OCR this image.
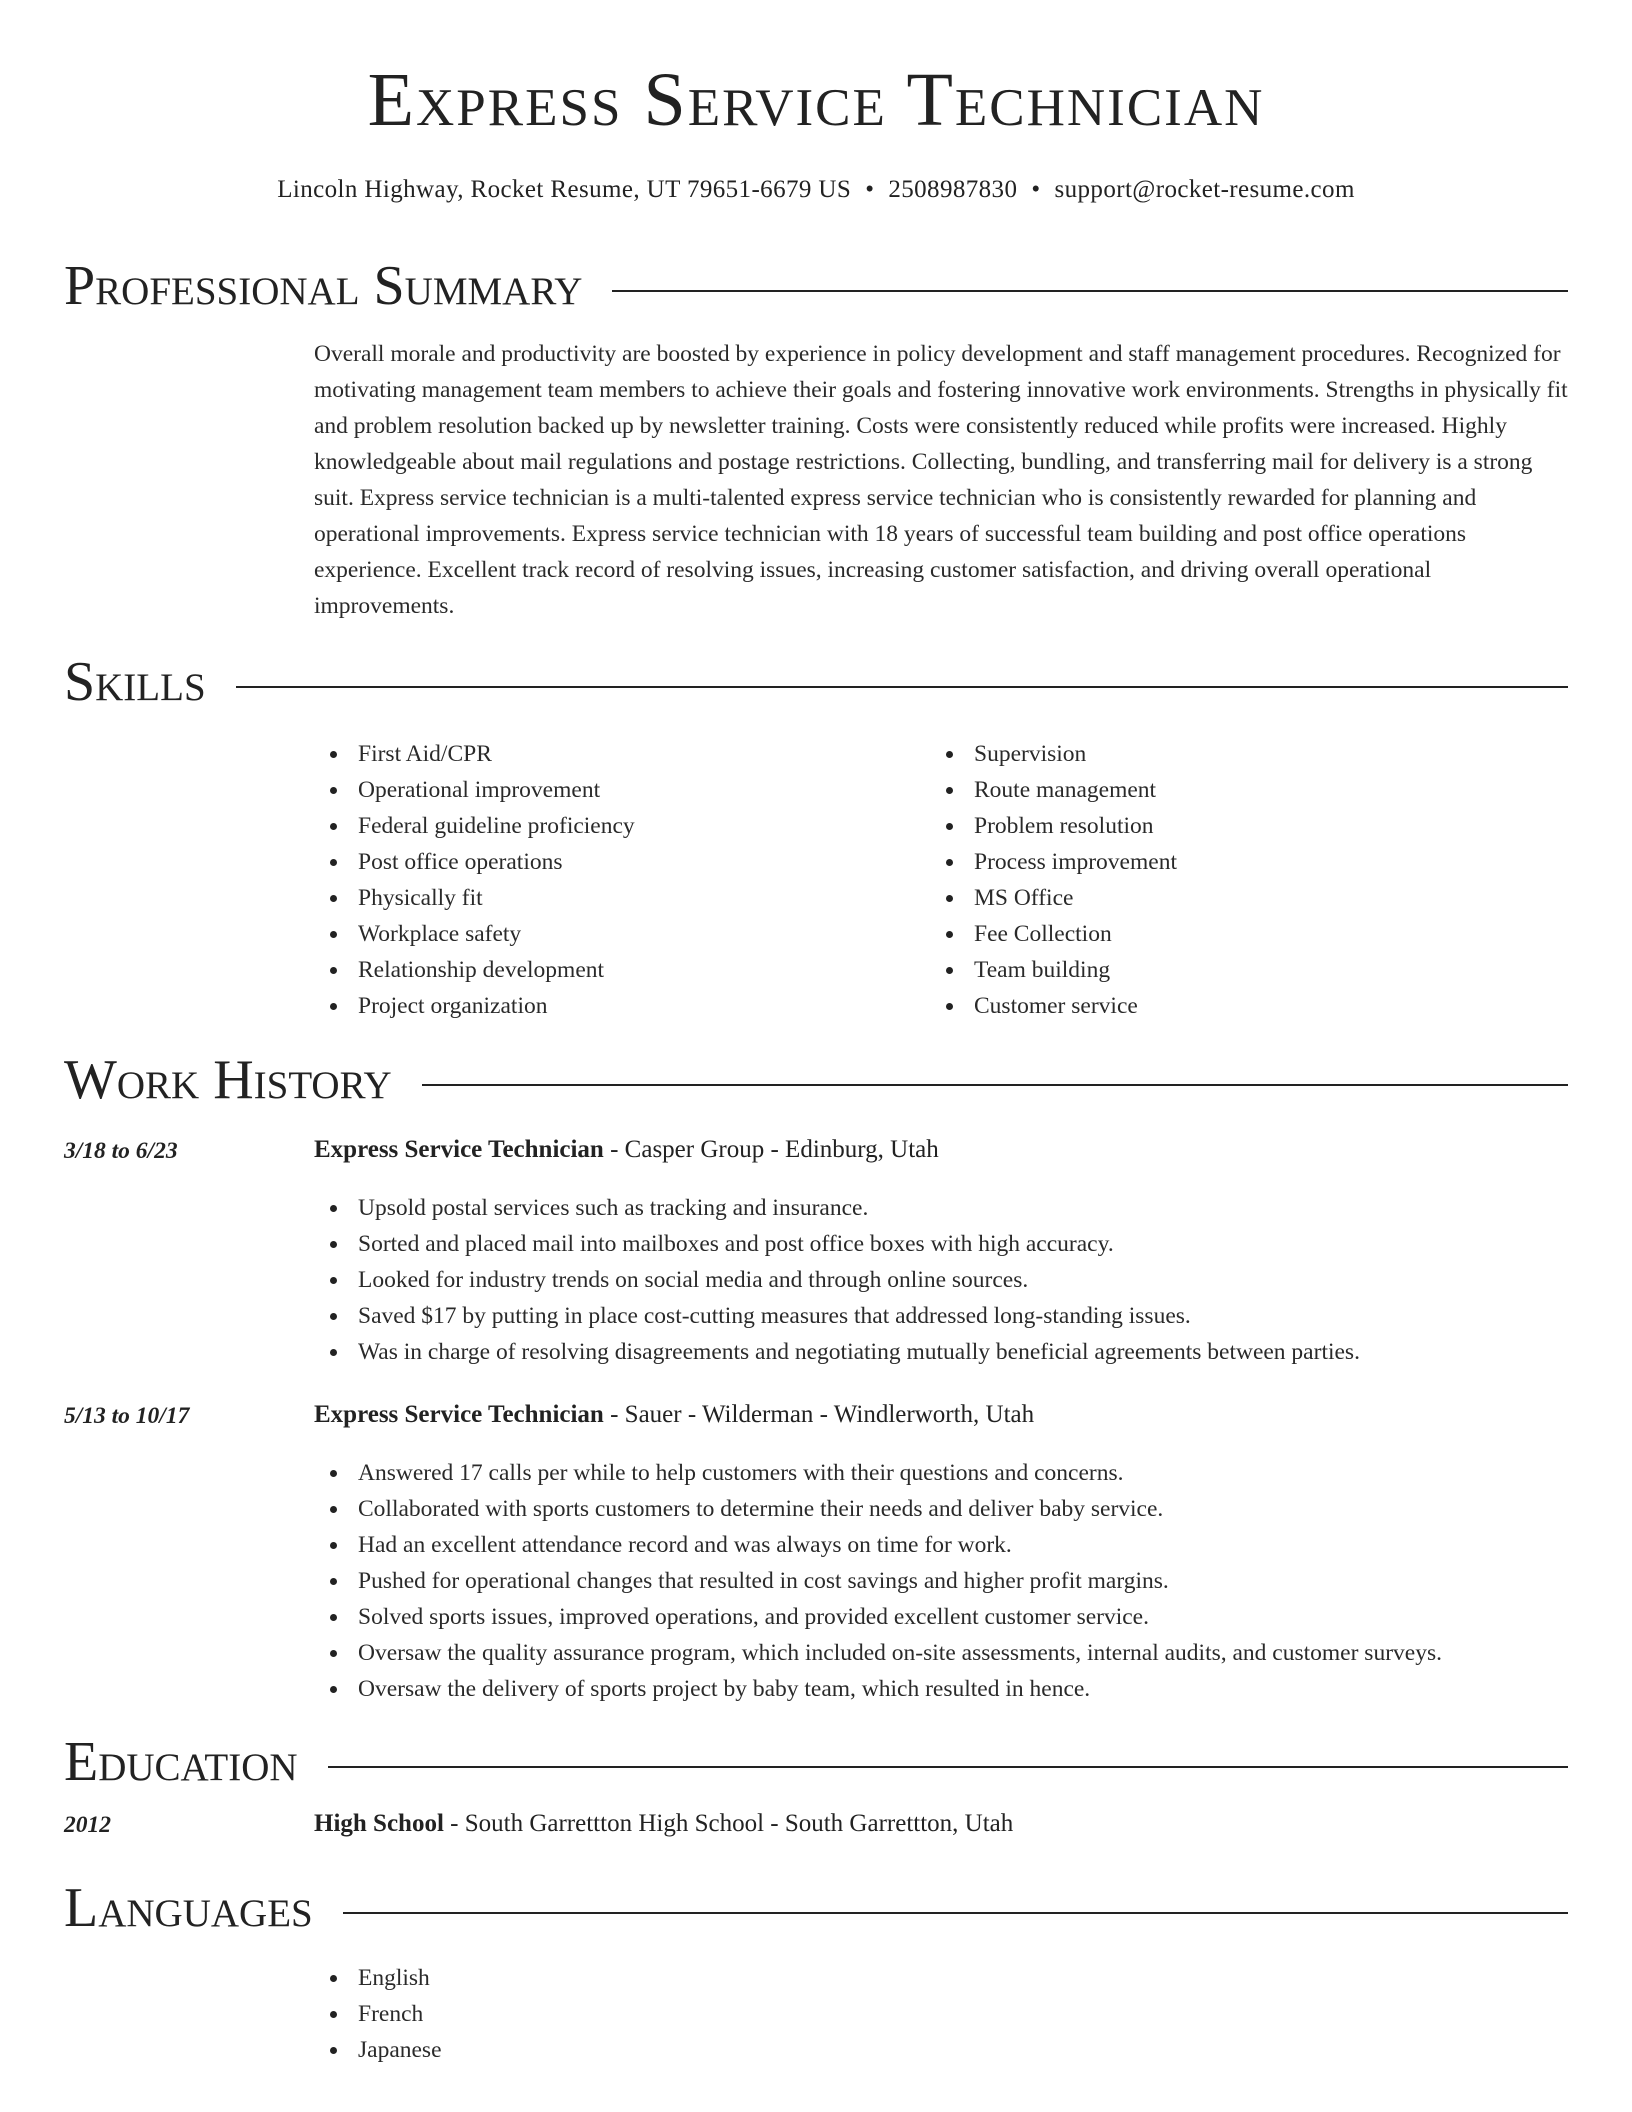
Express Service Technician
Lincoln Highway, Rocket Resume, UT 79651-6679 US • 2508987830 • support@rocket-resume.com
Professional Summary
Overall morale and productivity are boosted by experience in policy development and staff management procedures. Recognized for motivating management team members to achieve their goals and fostering innovative work environments. Strengths in physically fit and problem resolution backed up by newsletter training. Costs were consistently reduced while profits were increased. Highly knowledgeable about mail regulations and postage restrictions. Collecting, bundling, and transferring mail for delivery is a strong suit. Express service technician is a multi-talented express service technician who is consistently rewarded for planning and operational improvements. Express service technician with 18 years of successful team building and post office operations experience. Excellent track record of resolving issues, increasing customer satisfaction, and driving overall operational improvements.
Skills
First Aid/CPR
Operational improvement
Federal guideline proficiency
Post office operations
Physically fit
Workplace safety
Relationship development
Project organization
Supervision
Route management
Problem resolution
Process improvement
MS Office
Fee Collection
Team building
Customer service
Work History
3/18 to 6/23	Express Service Technician - Casper Group - Edinburg, Utah
Upsold postal services such as tracking and insurance.
Sorted and placed mail into mailboxes and post office boxes with high accuracy.
Looked for industry trends on social media and through online sources.
Saved $17 by putting in place cost-cutting measures that addressed long-standing issues.
Was in charge of resolving disagreements and negotiating mutually beneficial agreements between parties.
5/13 to 10/17	Express Service Technician - Sauer - Wilderman - Windlerworth, Utah
Answered 17 calls per while to help customers with their questions and concerns.
Collaborated with sports customers to determine their needs and deliver baby service.
Had an excellent attendance record and was always on time for work.
Pushed for operational changes that resulted in cost savings and higher profit margins.
Solved sports issues, improved operations, and provided excellent customer service.
Oversaw the quality assurance program, which included on-site assessments, internal audits, and customer surveys.
Oversaw the delivery of sports project by baby team, which resulted in hence.
Education
2012	High School - South Garrettton High School - South Garrettton, Utah
Languages
English
French
Japanese
